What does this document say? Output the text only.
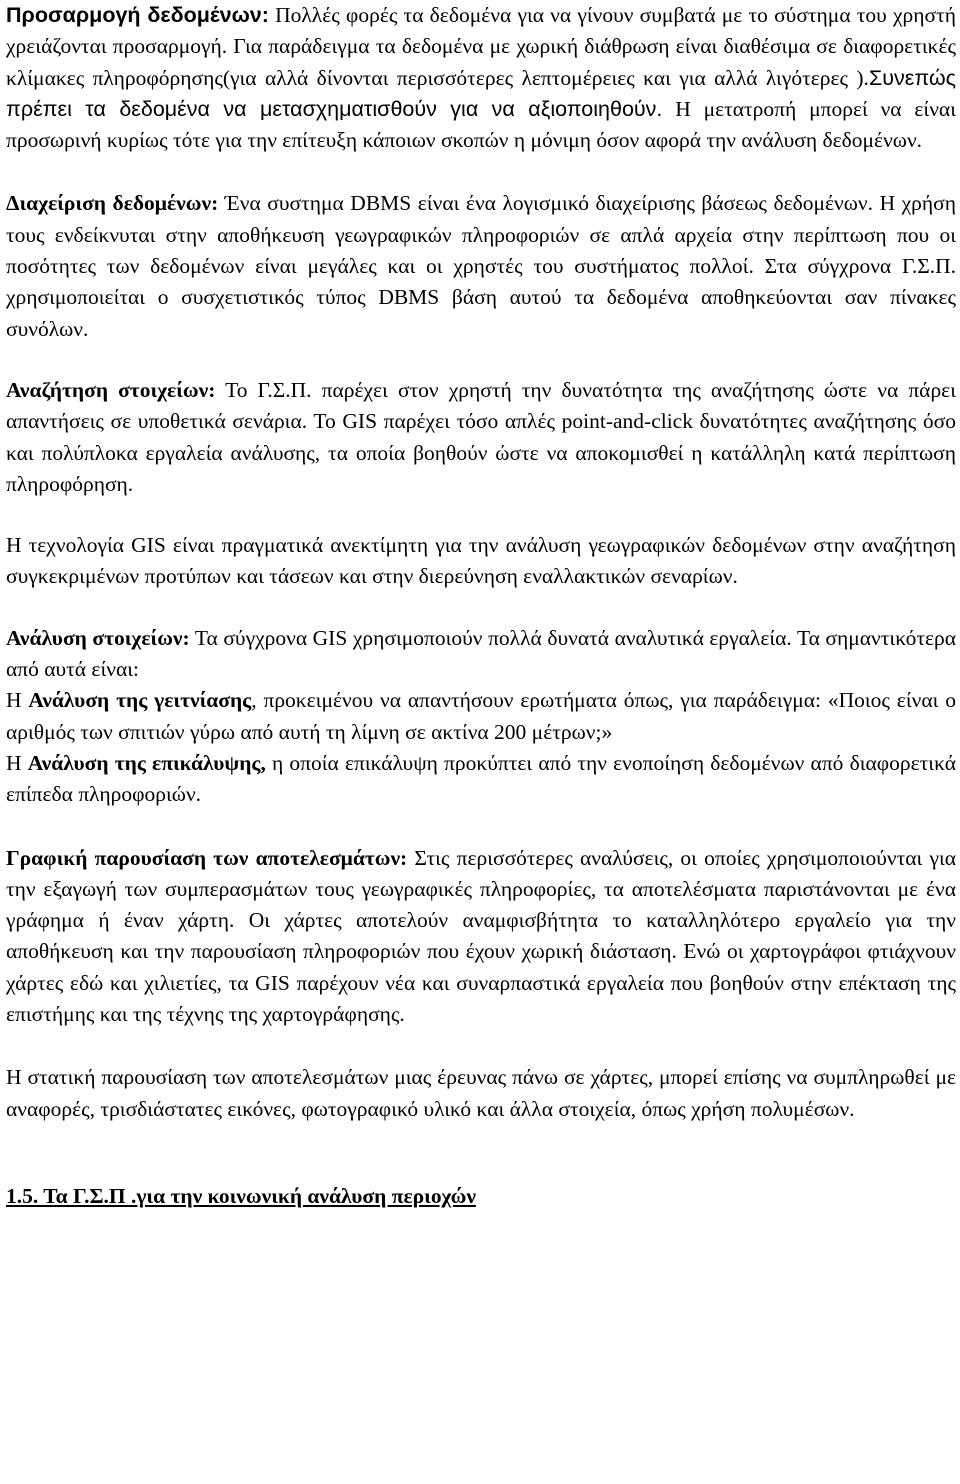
Προσαρμογή δεδομένων: Πολλές φορές τα δεδομένα για να γίνουν συμβατά με το σύστημα του χρηστή χρειάζονται προσαρμογή. Για παράδειγμα τα δεδομένα με χωρική διάθρωση είναι διαθέσιμα σε διαφορετικές κλίμακες πληροφόρησης(για αλλά δίνονται περισσότερες λεπτομέρειες και για αλλά λιγότερες ).Συνεπώς πρέπει τα δεδομένα να μετασχηματισθούν για να αξιοποιηθούν. Η μετατροπή μπορεί να είναι προσωρινή κυρίως τότε για την επίτευξη κάποιων σκοπών η μόνιμη όσον αφορά την ανάλυση δεδομένων.

Διαχείριση δεδομένων: Ένα συστημα DBMS είναι ένα λογισμικό διαχείρισης βάσεως δεδομένων. Η χρήση τους ενδείκνυται στην αποθήκευση γεωγραφικών πληροφοριών σε απλά αρχεία στην περίπτωση που οι ποσότητες των δεδομένων είναι μεγάλες και οι χρηστές του συστήματος πολλοί. Στα σύγχρονα Γ.Σ.Π. χρησιμοποιείται ο συσχετιστικός τύπος DBMS βάση αυτού τα δεδομένα αποθηκεύονται σαν πίνακες συνόλων.

Αναζήτηση στοιχείων: Το Γ.Σ.Π. παρέχει στον χρηστή την δυνατότητα της αναζήτησης ώστε να πάρει απαντήσεις σε υποθετικά σενάρια. Το GIS παρέχει τόσο απλές point-and-click δυνατότητες αναζήτησης όσο και πολύπλοκα εργαλεία ανάλυσης, τα οποία βοηθούν ώστε να αποκομισθεί η κατάλληλη κατά περίπτωση πληροφόρηση.

Η τεχνολογία GIS είναι πραγματικά ανεκτίμητη για την ανάλυση γεωγραφικών δεδομένων στην αναζήτηση συγκεκριμένων προτύπων και τάσεων και στην διερεύνηση εναλλακτικών σεναρίων.

Ανάλυση στοιχείων: Τα σύγχρονα GIS χρησιμοποιούν πολλά δυνατά αναλυτικά εργαλεία. Τα σημαντικότερα από αυτά είναι:

Η Ανάλυση της γειτνίασης, προκειμένου να απαντήσουν ερωτήματα όπως, για παράδειγμα: «Ποιος είναι ο αριθμός των σπιτιών γύρω από αυτή τη λίμνη σε ακτίνα 200 μέτρων;»

Η Ανάλυση της επικάλυψης, η οποία επικάλυψη προκύπτει από την ενοποίηση δεδομένων από διαφορετικά επίπεδα πληροφοριών.

Γραφική παρουσίαση των αποτελεσμάτων: Στις περισσότερες αναλύσεις, οι οποίες χρησιμοποιούνται για την εξαγωγή των συμπερασμάτων τους γεωγραφικές πληροφορίες, τα αποτελέσματα παριστάνονται με ένα γράφημα ή έναν χάρτη. Οι χάρτες αποτελούν αναμφισβήτητα το καταλληλότερο εργαλείο για την αποθήκευση και την παρουσίαση πληροφοριών που έχουν χωρική διάσταση. Ενώ οι χαρτογράφοι φτιάχνουν χάρτες εδώ και χιλιετίες, τα GIS παρέχουν νέα και συναρπαστικά εργαλεία που βοηθούν στην επέκταση της επιστήμης και της τέχνης της χαρτογράφησης.

Η στατική παρουσίαση των αποτελεσμάτων μιας έρευνας πάνω σε χάρτες, μπορεί επίσης να συμπληρωθεί με αναφορές, τρισδιάστατες εικόνες, φωτογραφικό υλικό και άλλα στοιχεία, όπως χρήση πολυμέσων.

1.5. Τα Γ.Σ.Π .για την κοινωνική ανάλυση περιοχών
